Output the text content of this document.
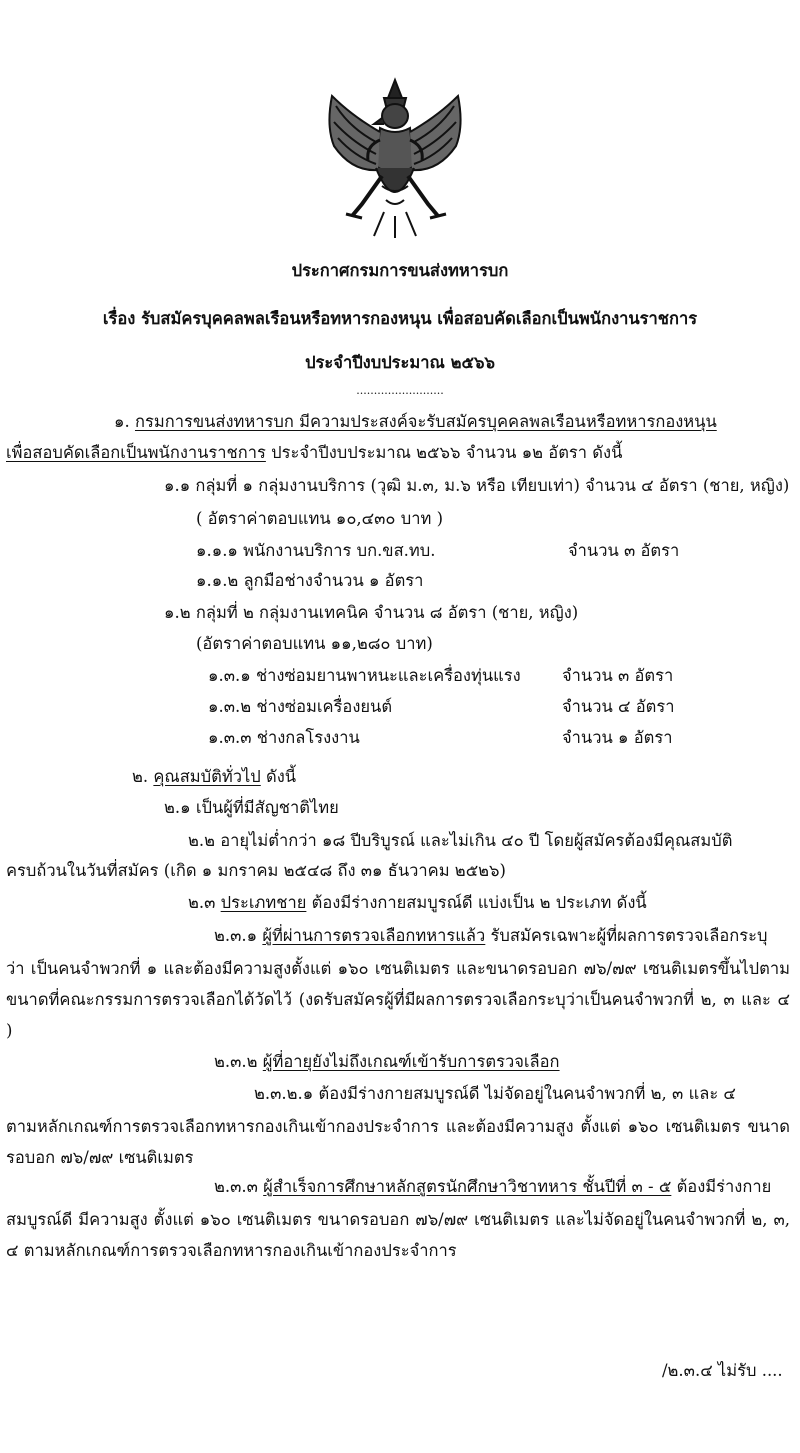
ประกาศกรมการขนส่งทหารบก
เรื่อง รับสมัครบุคคลพลเรือนหรือทหารกองหนุน เพื่อสอบคัดเลือกเป็นพนักงานราชการ
ประจำปีงบประมาณ ๒๕๖๖
.........................
๑. กรมการขนส่งทหารบก มีความประสงค์จะรับสมัครบุคคลพลเรือนหรือทหารกองหนุน
เพื่อสอบคัดเลือกเป็นพนักงานราชการ ประจำปีงบประมาณ ๒๕๖๖ จำนวน ๑๒ อัตรา ดังนี้
๑.๑ กลุ่มที่ ๑ กลุ่มงานบริการ (วุฒิ ม.๓, ม.๖ หรือ เทียบเท่า) จำนวน ๔ อัตรา (ชาย, หญิง)
( อัตราค่าตอบแทน ๑๐,๔๓๐ บาท )
๑.๑.๑ พนักงานบริการ บก.ขส.ทบ.	จำนวน ๓ อัตรา
๑.๑.๒ ลูกมือช่างจำนวน ๑ อัตรา
๑.๒ กลุ่มที่ ๒ กลุ่มงานเทคนิค จำนวน ๘ อัตรา (ชาย, หญิง)
(อัตราค่าตอบแทน ๑๑,๒๘๐ บาท)
๑.๓.๑ ช่างซ่อมยานพาหนะและเครื่องทุ่นแรง	จำนวน ๓ อัตรา
๑.๓.๒ ช่างซ่อมเครื่องยนต์	จำนวน ๔ อัตรา
๑.๓.๓ ช่างกลโรงงาน	จำนวน ๑ อัตรา
๒. คุณสมบัติทั่วไป ดังนี้
๒.๑ เป็นผู้ที่มีสัญชาติไทย
๒.๒ อายุไม่ต่ำกว่า ๑๘ ปีบริบูรณ์ และไม่เกิน ๔๐ ปี โดยผู้สมัครต้องมีคุณสมบัติ
ครบถ้วนในวันที่สมัคร (เกิด ๑ มกราคม ๒๕๔๘ ถึง ๓๑ ธันวาคม ๒๕๒๖)
๒.๓ ประเภทชาย ต้องมีร่างกายสมบูรณ์ดี แบ่งเป็น ๒ ประเภท ดังนี้
๒.๓.๑ ผู้ที่ผ่านการตรวจเลือกทหารแล้ว รับสมัครเฉพาะผู้ที่ผลการตรวจเลือกระบุ
ว่า เป็นคนจำพวกที่ ๑ และต้องมีความสูงตั้งแต่ ๑๖๐ เซนติเมตร และขนาดรอบอก ๗๖/๗๙ เซนติเมตรขึ้นไปตามขนาดที่คณะกรรมการตรวจเลือกได้วัดไว้ (งดรับสมัครผู้ที่มีผลการตรวจเลือกระบุว่าเป็นคนจำพวกที่ ๒, ๓ และ ๔ )
๒.๓.๒ ผู้ที่อายุยังไม่ถึงเกณฑ์เข้ารับการตรวจเลือก
๒.๓.๒.๑ ต้องมีร่างกายสมบูรณ์ดี ไม่จัดอยู่ในคนจำพวกที่ ๒, ๓ และ ๔
ตามหลักเกณฑ์การตรวจเลือกทหารกองเกินเข้ากองประจำการ และต้องมีความสูง ตั้งแต่ ๑๖๐ เซนติเมตร ขนาดรอบอก ๗๖/๗๙ เซนติเมตร
๒.๓.๓ ผู้สำเร็จการศึกษาหลักสูตรนักศึกษาวิชาทหาร ชั้นปีที่ ๓ - ๕ ต้องมีร่างกาย
สมบูรณ์ดี มีความสูง ตั้งแต่ ๑๖๐ เซนติเมตร ขนาดรอบอก ๗๖/๗๙ เซนติเมตร และไม่จัดอยู่ในคนจำพวกที่ ๒, ๓, ๔ ตามหลักเกณฑ์การตรวจเลือกทหารกองเกินเข้ากองประจำการ
/๒.๓.๔ ไม่รับ ....
